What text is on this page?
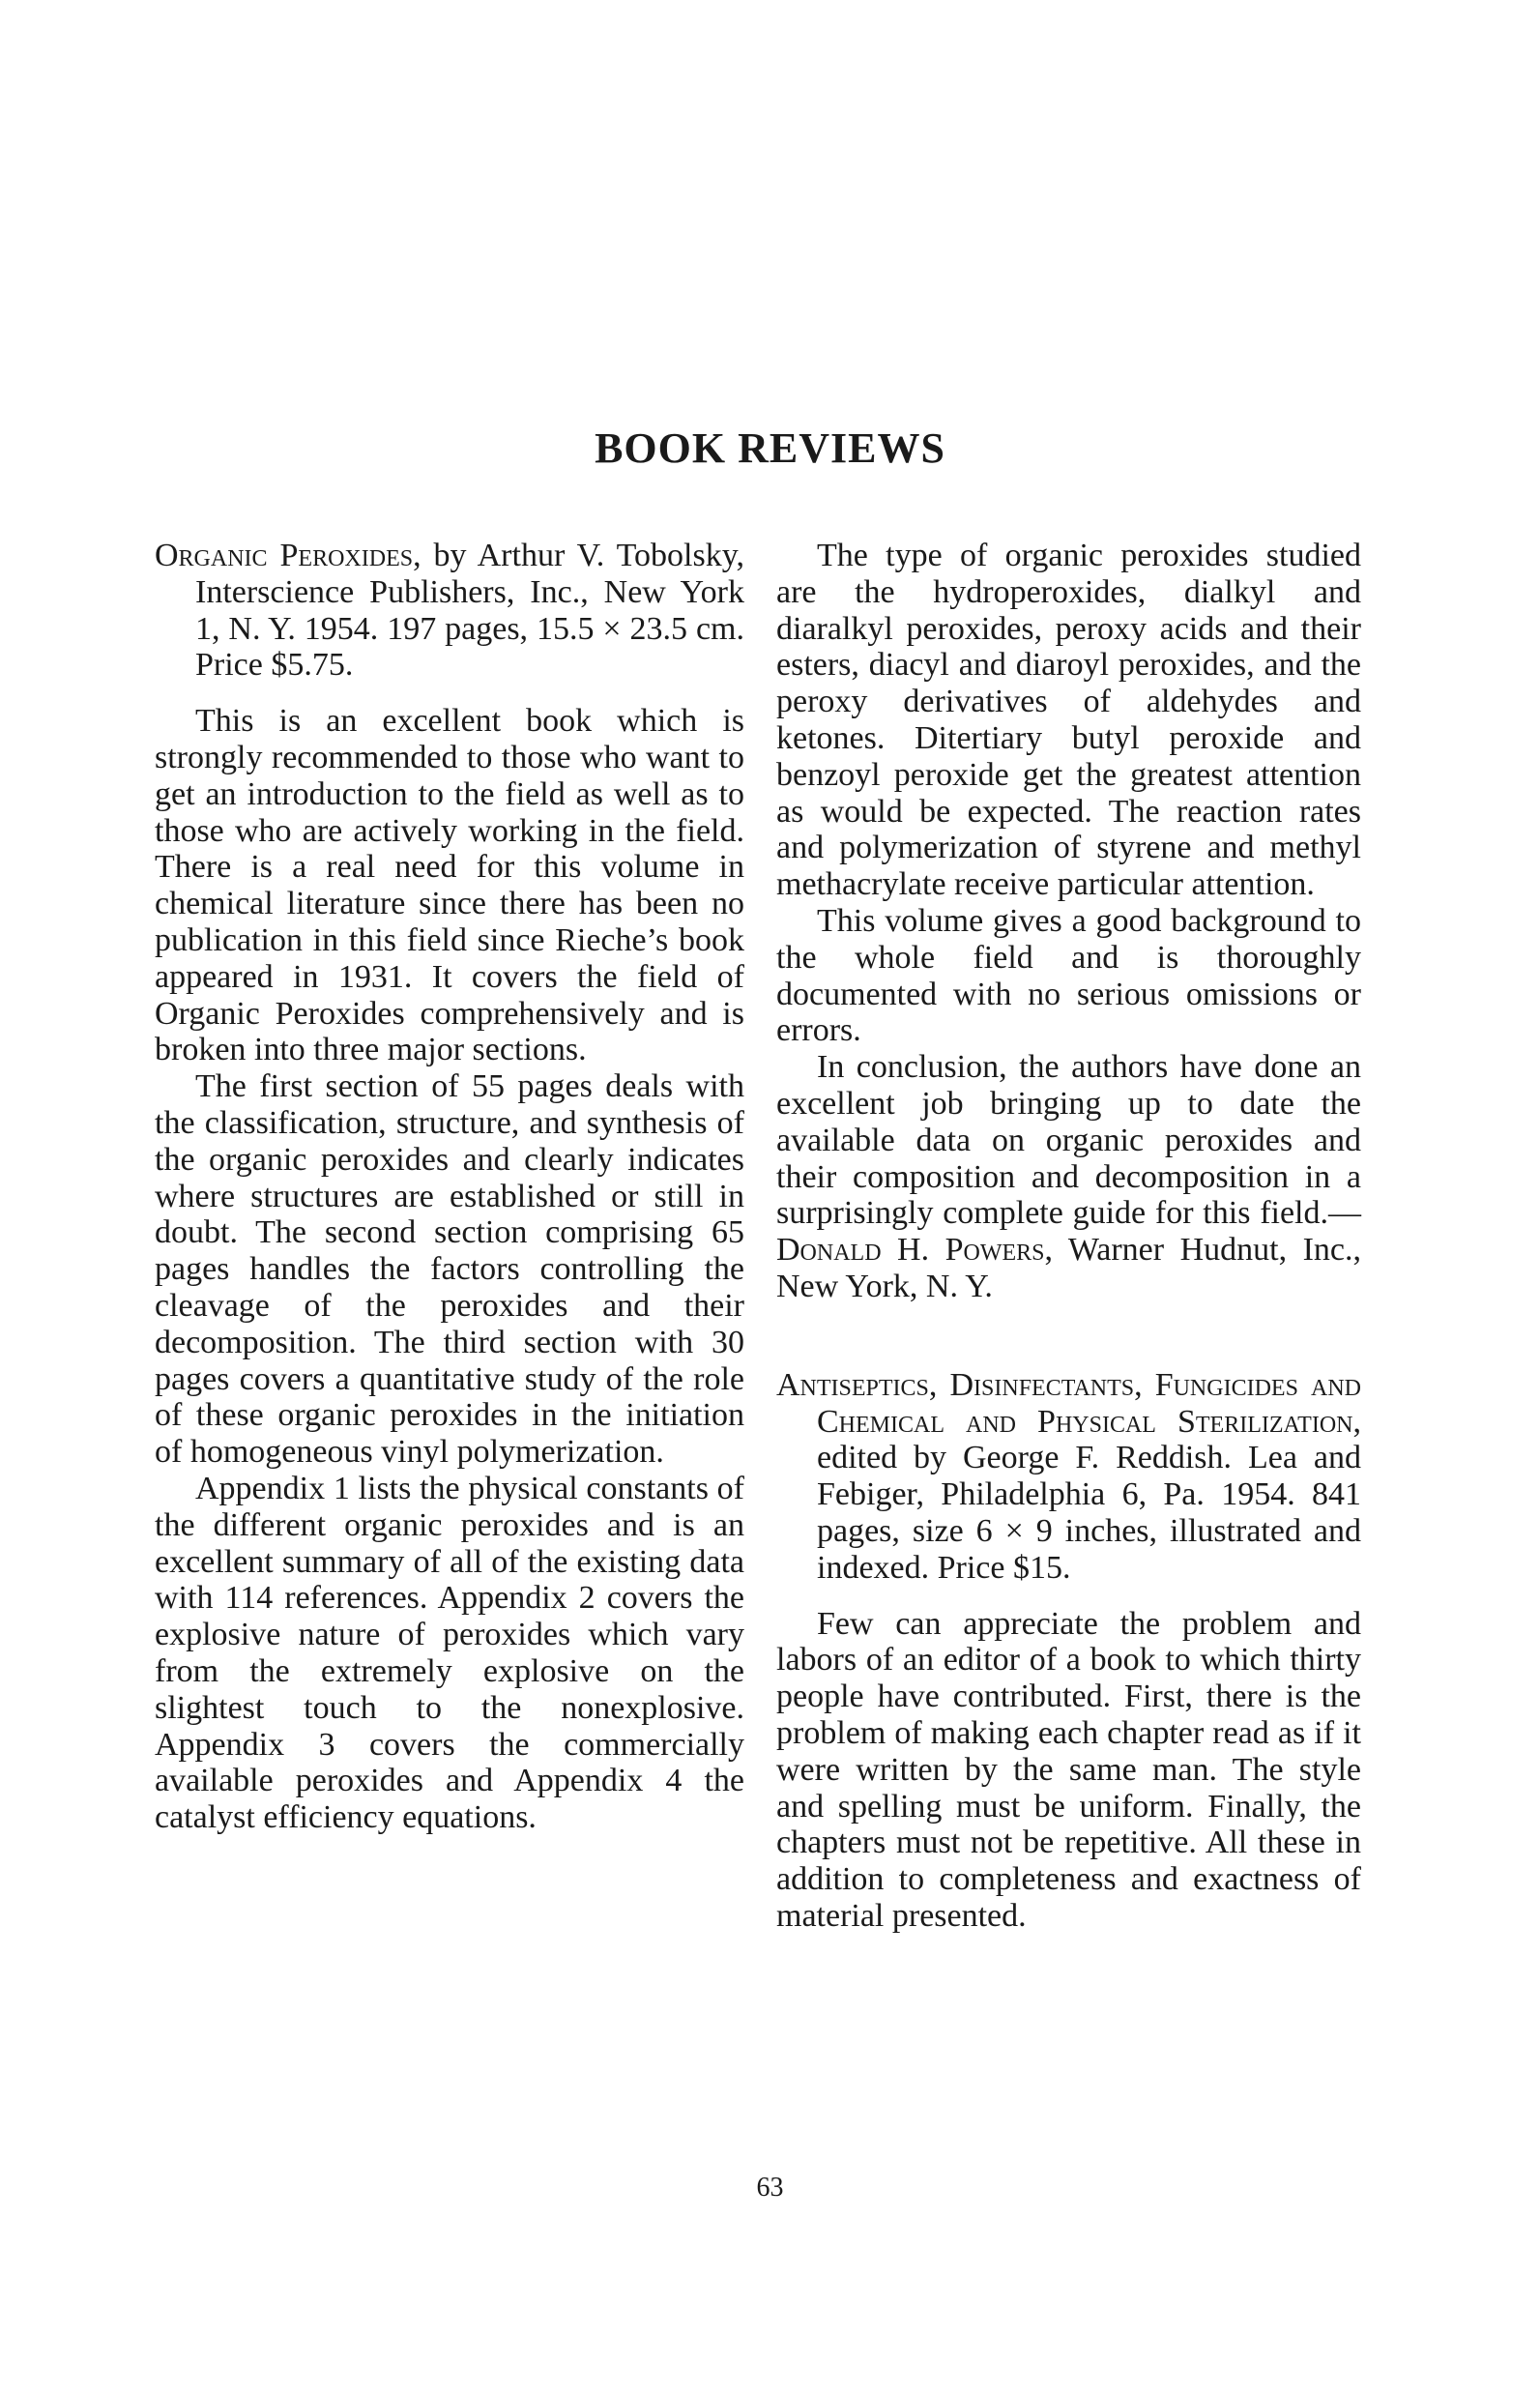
BOOK REVIEWS

Organic Peroxides, by Arthur V. Tobolsky, Interscience Publishers, Inc., New York 1, N. Y. 1954. 197 pages, 15.5 × 23.5 cm. Price $5.75.

This is an excellent book which is strongly recommended to those who want to get an introduction to the field as well as to those who are actively working in the field. There is a real need for this volume in chemical literature since there has been no publication in this field since Rieche’s book appeared in 1931. It covers the field of Organic Peroxides comprehensively and is broken into three major sections.

The first section of 55 pages deals with the classification, structure, and synthesis of the organic peroxides and clearly indicates where structures are established or still in doubt. The second section comprising 65 pages handles the factors controlling the cleavage of the peroxides and their decomposition. The third section with 30 pages covers a quantitative study of the role of these organic peroxides in the initiation of homogeneous vinyl polymerization.

Appendix 1 lists the physical constants of the different organic peroxides and is an excellent summary of all of the existing data with 114 references. Appendix 2 covers the explosive nature of peroxides which vary from the extremely explosive on the slightest touch to the nonexplosive. Appendix 3 covers the commercially available peroxides and Appendix 4 the catalyst efficiency equations.

The type of organic peroxides studied are the hydroperoxides, dialkyl and diaralkyl peroxides, peroxy acids and their esters, diacyl and diaroyl peroxides, and the peroxy derivatives of aldehydes and ketones. Ditertiary butyl peroxide and benzoyl peroxide get the greatest attention as would be expected. The reaction rates and polymerization of styrene and methyl methacrylate receive particular attention.

This volume gives a good background to the whole field and is thoroughly documented with no serious omissions or errors.

In conclusion, the authors have done an excellent job bringing up to date the available data on organic peroxides and their composition and decomposition in a surprisingly complete guide for this field.—Donald H. Powers, Warner Hudnut, Inc., New York, N. Y.

Antiseptics, Disinfectants, Fungicides and Chemical and Physical Sterilization, edited by George F. Reddish. Lea and Febiger, Philadelphia 6, Pa. 1954. 841 pages, size 6 × 9 inches, illustrated and indexed. Price $15.

Few can appreciate the problem and labors of an editor of a book to which thirty people have contributed. First, there is the problem of making each chapter read as if it were written by the same man. The style and spelling must be uniform. Finally, the chapters must not be repetitive. All these in addition to completeness and exactness of material presented.

63
